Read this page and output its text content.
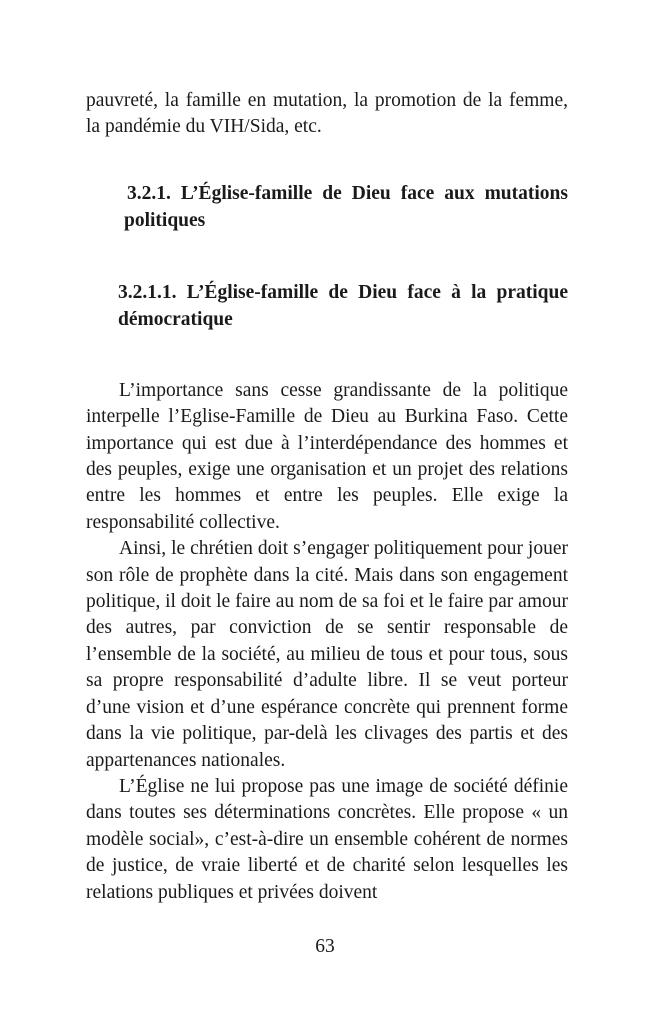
pauvreté, la famille en mutation, la promotion de la femme, la pandémie du VIH/Sida, etc.

3.2.1. L’Église-famille de Dieu face aux mutations politiques
3.2.1.1. L’Église-famille de Dieu face à la pratique démocratique

L’importance sans cesse grandissante de la politique interpelle l’Eglise-Famille de Dieu au Burkina Faso. Cette importance qui est due à l’interdépendance des hommes et des peuples, exige une organisation et un projet des relations entre les hommes et entre les peuples. Elle exige la responsabilité collective.

Ainsi, le chrétien doit s’engager politiquement pour jouer son rôle de prophète dans la cité. Mais dans son engagement politique, il doit le faire au nom de sa foi et le faire par amour des autres, par conviction de se sentir responsable de l’ensemble de la société, au milieu de tous et pour tous, sous sa propre responsabilité d’adulte libre. Il se veut porteur d’une vision et d’une espérance concrète qui prennent forme dans la vie politique, par-delà les clivages des partis et des appartenances nationales.

L’Église ne lui propose pas une image de société définie dans toutes ses déterminations concrètes. Elle propose « un modèle social», c’est-à-dire un ensemble cohérent de normes de justice, de vraie liberté et de charité selon lesquelles les relations publiques et privées doivent

63
